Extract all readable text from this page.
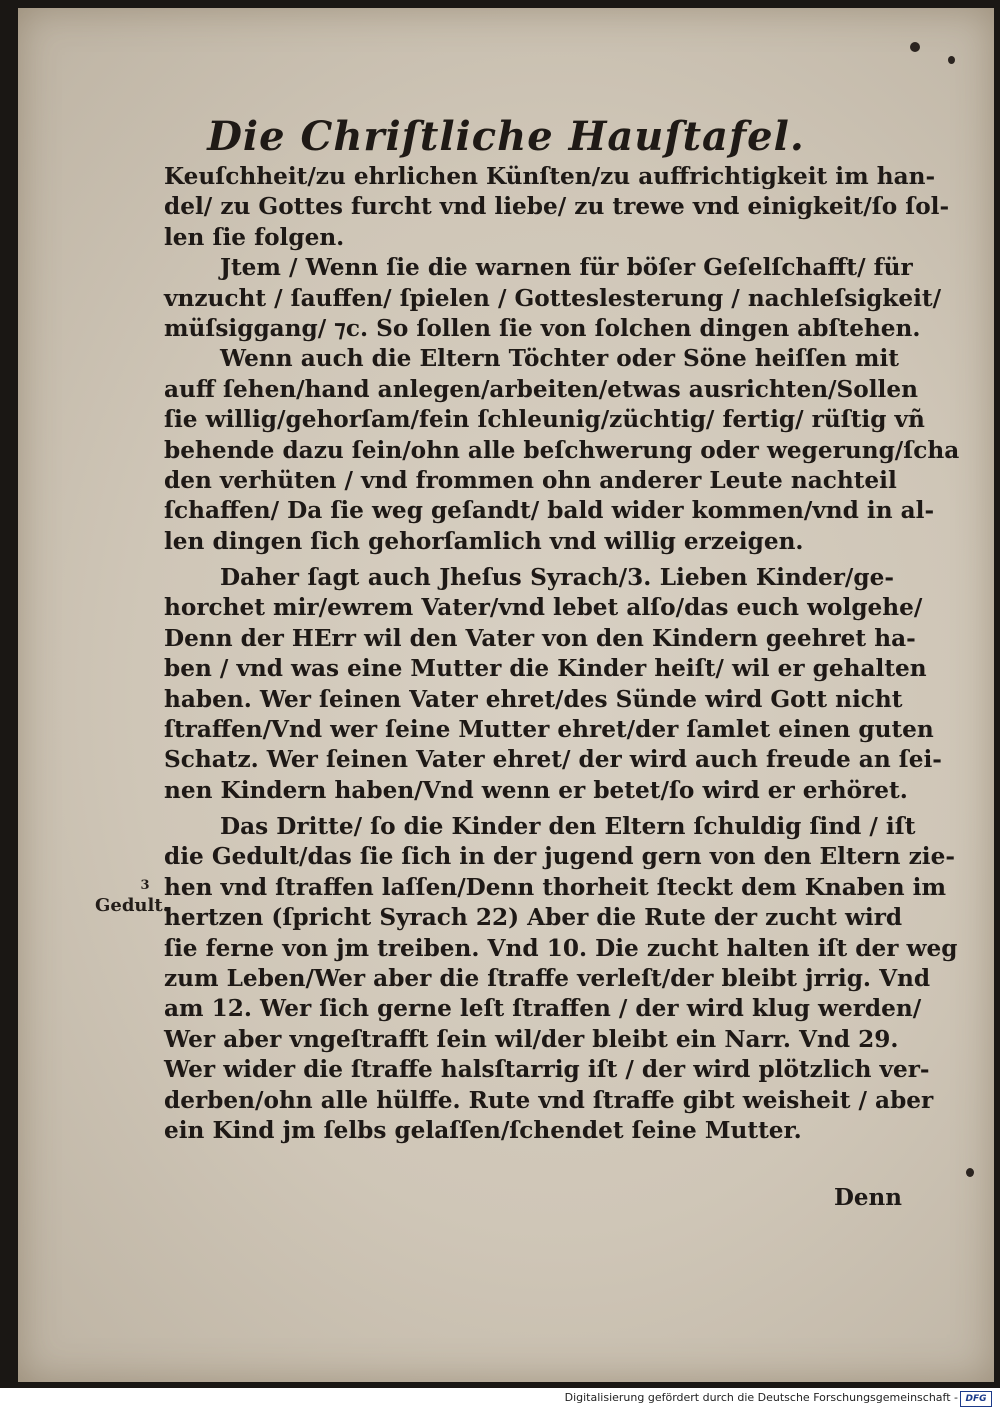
Die Chriſtliche Hauſtafel.
Keuſchheit/zu ehrlichen Künſten/zu auffrichtigkeit im han-
del/ zu Gottes furcht vnd liebe/ zu trewe vnd einigkeit/ſo ſol-
len ſie folgen.
Jtem / Wenn ſie die warnen für böſer Geſelſchafft/ für
vnzucht / ſauffen/ ſpielen / Gotteslesterung / nachleſsigkeit/
müſsiggang/ ⁊c. So ſollen ſie von ſolchen dingen abſtehen.
Wenn auch die Eltern Töchter oder Söne heiſſen mit
auff ſehen/hand anlegen/arbeiten/etwas ausrichten/Sollen
ſie willig/gehorſam/fein ſchleunig/züchtig/ fertig/ rüſtig vñ
behende dazu ſein/ohn alle beſchwerung oder wegerung/ſcha
den verhüten / vnd frommen ohn anderer Leute nachteil
ſchaffen/ Da ſie weg geſandt/ bald wider kommen/vnd in al-
len dingen ſich gehorſamlich vnd willig erzeigen.
Daher ſagt auch Jheſus Syrach/3. Lieben Kinder/ge-
horchet mir/ewrem Vater/vnd lebet alſo/das euch wolgehe/
Denn der HErr wil den Vater von den Kindern geehret ha-
ben / vnd was eine Mutter die Kinder heiſt/ wil er gehalten
haben. Wer ſeinen Vater ehret/des Sünde wird Gott nicht
ſtraffen/Vnd wer ſeine Mutter ehret/der ſamlet einen guten
Schatz. Wer ſeinen Vater ehret/ der wird auch freude an ſei-
nen Kindern haben/Vnd wenn er betet/ſo wird er erhöret.
3
Gedult.
Das Dritte/ ſo die Kinder den Eltern ſchuldig ſind / iſt
die Gedult/das ſie ſich in der jugend gern von den Eltern zie-
hen vnd ſtraffen laſſen/Denn thorheit ſteckt dem Knaben im
hertzen (ſpricht Syrach 22) Aber die Rute der zucht wird
ſie ferne von jm treiben. Vnd 10. Die zucht halten iſt der weg
zum Leben/Wer aber die ſtraffe verleſt/der bleibt jrrig. Vnd
am 12. Wer ſich gerne leſt ſtraffen / der wird klug werden/
Wer aber vngeſtrafft ſein wil/der bleibt ein Narr. Vnd 29.
Wer wider die ſtraffe halsſtarrig iſt / der wird plötzlich ver-
derben/ohn alle hülffe. Rute vnd ſtraffe gibt weisheit / aber
ein Kind jm ſelbs gelaſſen/ſchendet ſeine Mutter.
Denn
Digitalisierung gefördert durch die Deutsche Forschungsgemeinschaft - DFG
